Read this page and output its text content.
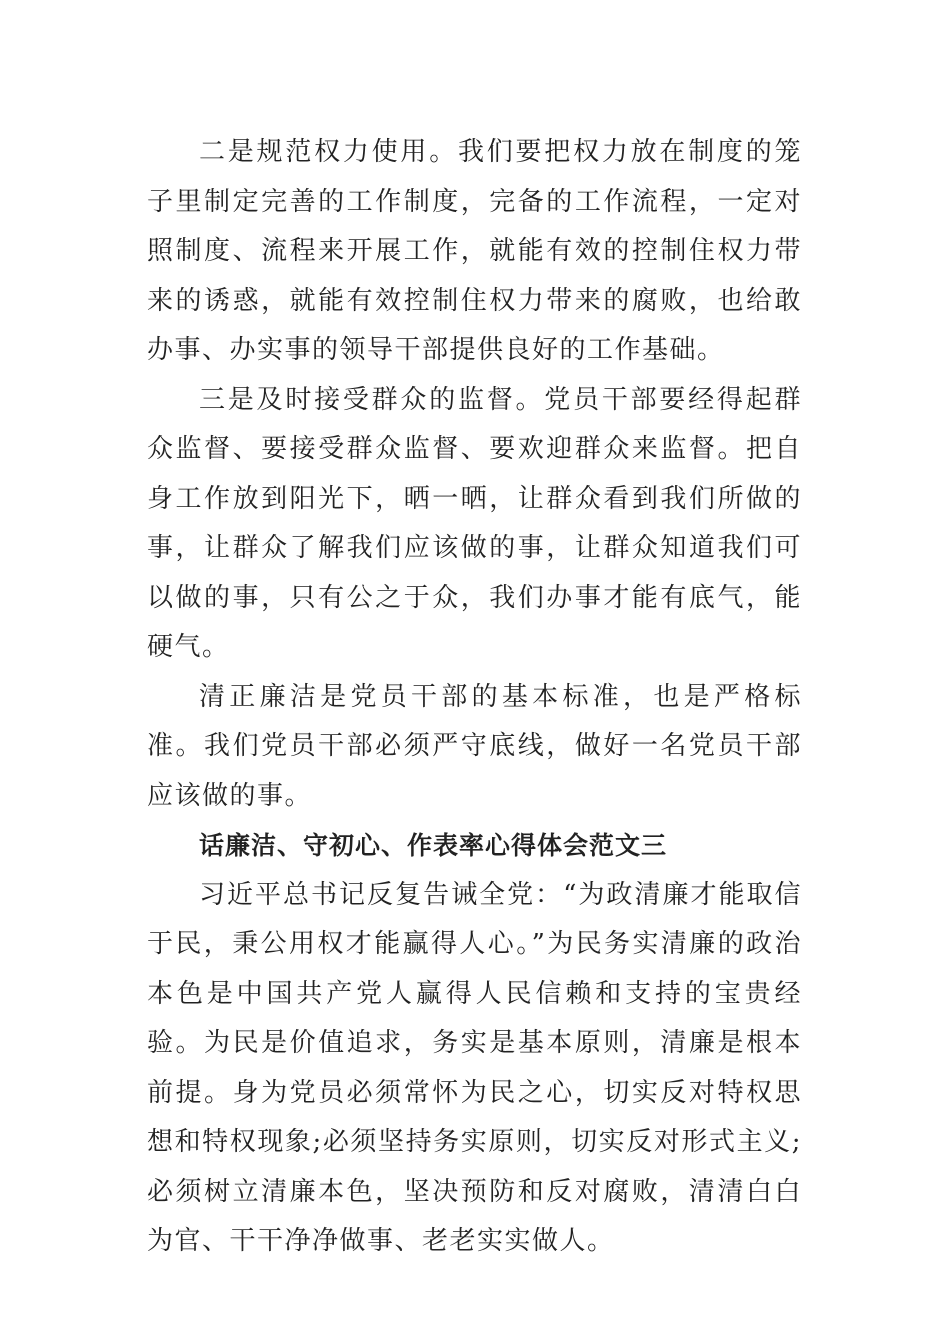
二是规范权力使用。我们要把权力放在制度的笼子里制定完善的工作制度，完备的工作流程，一定对照制度、流程来开展工作，就能有效的控制住权力带来的诱惑，就能有效控制住权力带来的腐败，也给敢办事、办实事的领导干部提供良好的工作基础。

三是及时接受群众的监督。党员干部要经得起群众监督、要接受群众监督、要欢迎群众来监督。把自身工作放到阳光下，晒一晒，让群众看到我们所做的事，让群众了解我们应该做的事，让群众知道我们可以做的事，只有公之于众，我们办事才能有底气，能硬气。

清正廉洁是党员干部的基本标准，也是严格标准。我们党员干部必须严守底线，做好一名党员干部应该做的事。

话廉洁、守初心、作表率心得体会范文三

习近平总书记反复告诫全党：“为政清廉才能取信于民，秉公用权才能赢得人心。”为民务实清廉的政治本色是中国共产党人赢得人民信赖和支持的宝贵经验。为民是价值追求，务实是基本原则，清廉是根本前提。身为党员必须常怀为民之心，切实反对特权思想和特权现象;必须坚持务实原则，切实反对形式主义;必须树立清廉本色，坚决预防和反对腐败，清清白白为官、干干净净做事、老老实实做人。
